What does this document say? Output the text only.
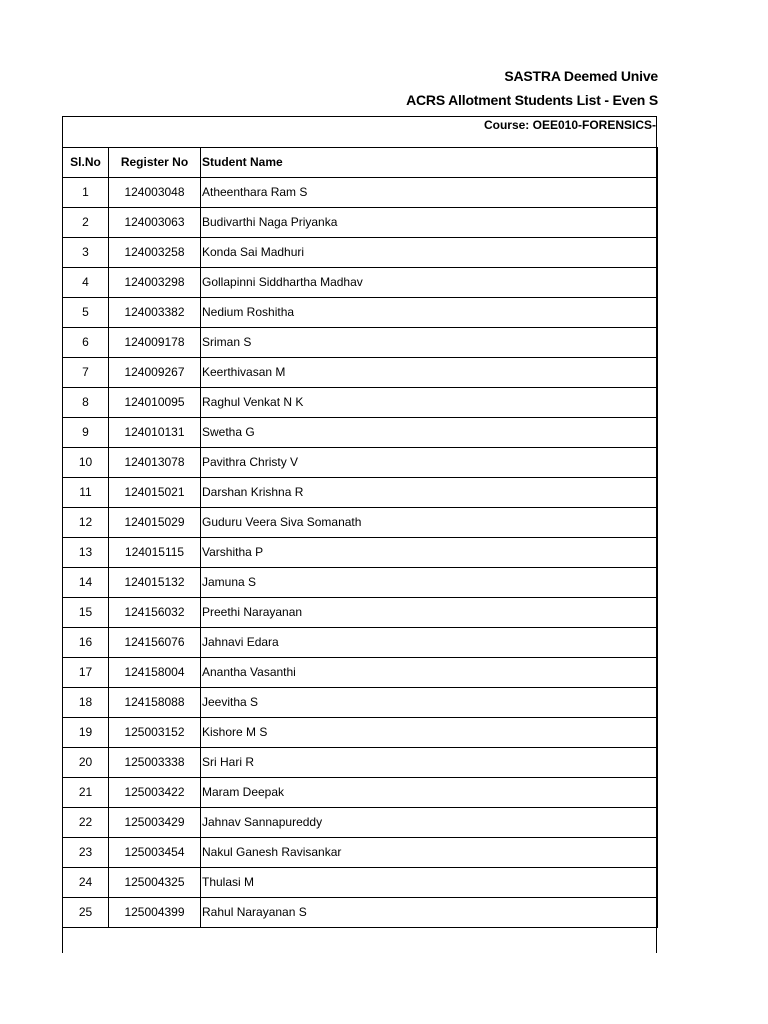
SASTRA Deemed Unive
ACRS Allotment Students List - Even S
Course: OEE010-FORENSICS-
Sl.No	Register No	Student Name
1	124003048	Atheenthara Ram S
2	124003063	Budivarthi Naga Priyanka
3	124003258	Konda Sai Madhuri
4	124003298	Gollapinni Siddhartha Madhav
5	124003382	Nedium Roshitha
6	124009178	Sriman S
7	124009267	Keerthivasan M
8	124010095	Raghul Venkat N K
9	124010131	Swetha G
10	124013078	Pavithra Christy V
11	124015021	Darshan Krishna R
12	124015029	Guduru Veera Siva Somanath
13	124015115	Varshitha P
14	124015132	Jamuna S
15	124156032	Preethi Narayanan
16	124156076	Jahnavi Edara
17	124158004	Anantha Vasanthi
18	124158088	Jeevitha S
19	125003152	Kishore M S
20	125003338	Sri Hari R
21	125003422	Maram Deepak
22	125003429	Jahnav Sannapureddy
23	125003454	Nakul Ganesh Ravisankar
24	125004325	Thulasi M
25	125004399	Rahul Narayanan S
